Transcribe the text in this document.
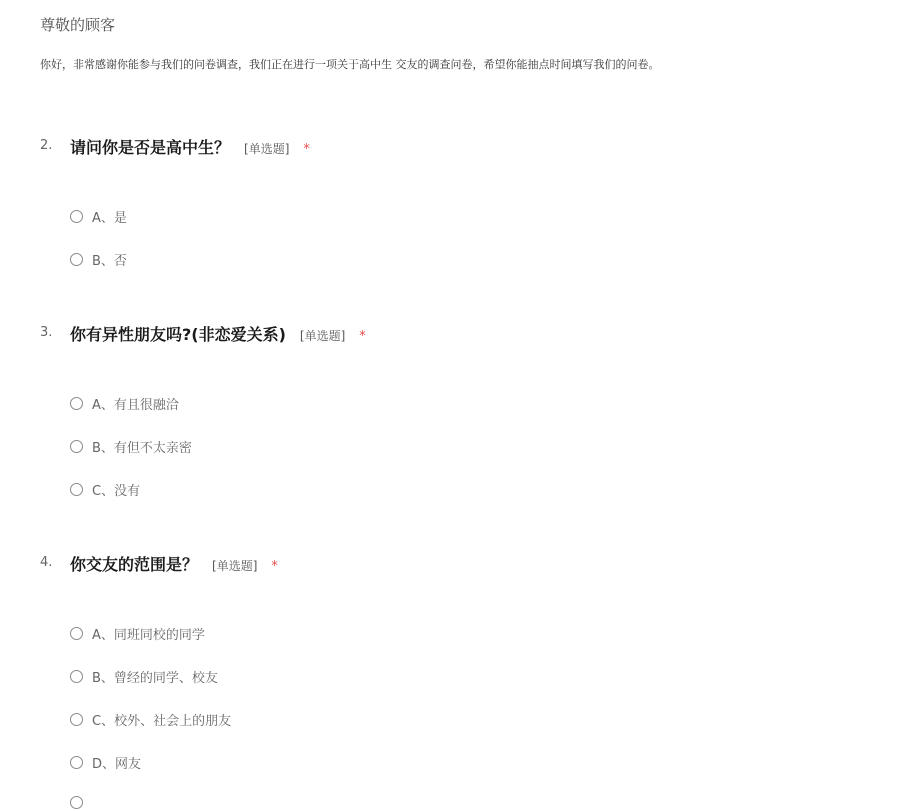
尊敬的顾客
你好，非常感谢你能参与我们的问卷调查，我们正在进行一项关于高中生 交友的调查问卷，希望你能抽点时间填写我们的问卷。
2. 请问你是否是高中生？ [单选题] *
A、是
B、否
3. 你有异性朋友吗?(非恋爱关系) [单选题] *
A、有且很融洽
B、有但不太亲密
C、没有
4. 你交友的范围是？ [单选题] *
A、同班同校的同学
B、曾经的同学、校友
C、校外、社会上的朋友
D、网友
